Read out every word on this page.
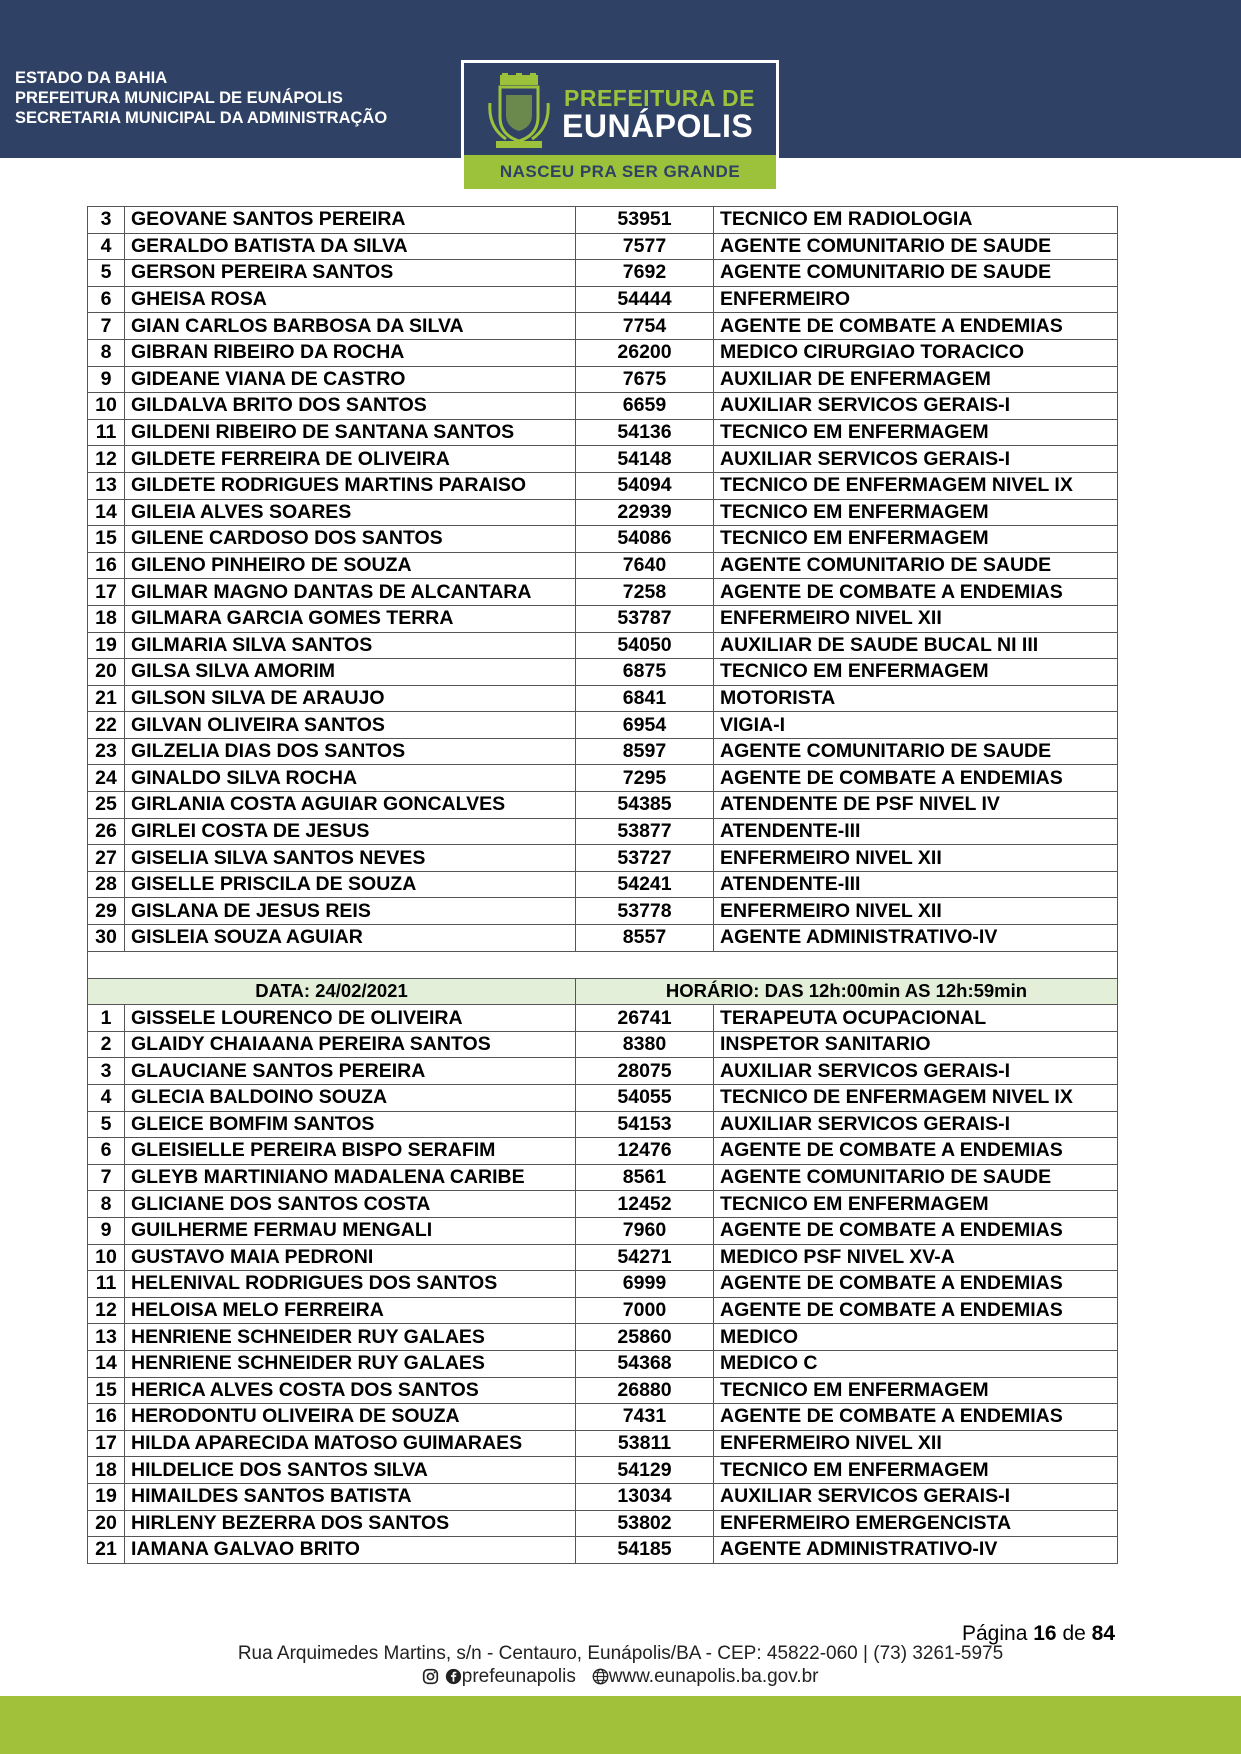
ESTADO DA BAHIA
PREFEITURA MUNICIPAL DE EUNÁPOLIS
SECRETARIA MUNICIPAL DA ADMINISTRAÇÃO
PREFEITURA DE
EUNÁPOLIS
NASCEU PRA SER GRANDE
3	GEOVANE SANTOS PEREIRA	53951	TECNICO EM RADIOLOGIA
4	GERALDO BATISTA DA SILVA	7577	AGENTE COMUNITARIO DE SAUDE
5	GERSON PEREIRA SANTOS	7692	AGENTE COMUNITARIO DE SAUDE
6	GHEISA ROSA	54444	ENFERMEIRO
7	GIAN CARLOS BARBOSA DA SILVA	7754	AGENTE DE COMBATE A ENDEMIAS
8	GIBRAN RIBEIRO DA ROCHA	26200	MEDICO CIRURGIAO TORACICO
9	GIDEANE VIANA DE CASTRO	7675	AUXILIAR DE ENFERMAGEM
10	GILDALVA BRITO DOS SANTOS	6659	AUXILIAR SERVICOS GERAIS-I
11	GILDENI RIBEIRO DE SANTANA SANTOS	54136	TECNICO EM ENFERMAGEM
12	GILDETE FERREIRA DE OLIVEIRA	54148	AUXILIAR SERVICOS GERAIS-I
13	GILDETE RODRIGUES MARTINS PARAISO	54094	TECNICO DE ENFERMAGEM NIVEL IX
14	GILEIA ALVES SOARES	22939	TECNICO EM ENFERMAGEM
15	GILENE CARDOSO DOS SANTOS	54086	TECNICO EM ENFERMAGEM
16	GILENO PINHEIRO DE SOUZA	7640	AGENTE COMUNITARIO DE SAUDE
17	GILMAR MAGNO DANTAS DE ALCANTARA	7258	AGENTE DE COMBATE A ENDEMIAS
18	GILMARA GARCIA GOMES TERRA	53787	ENFERMEIRO NIVEL XII
19	GILMARIA SILVA SANTOS	54050	AUXILIAR DE SAUDE BUCAL NI III
20	GILSA SILVA AMORIM	6875	TECNICO EM ENFERMAGEM
21	GILSON SILVA DE ARAUJO	6841	MOTORISTA
22	GILVAN OLIVEIRA SANTOS	6954	VIGIA-I
23	GILZELIA DIAS DOS SANTOS	8597	AGENTE COMUNITARIO DE SAUDE
24	GINALDO SILVA ROCHA	7295	AGENTE DE COMBATE A ENDEMIAS
25	GIRLANIA COSTA AGUIAR GONCALVES	54385	ATENDENTE DE PSF NIVEL IV
26	GIRLEI COSTA DE JESUS	53877	ATENDENTE-III
27	GISELIA SILVA SANTOS NEVES	53727	ENFERMEIRO NIVEL XII
28	GISELLE PRISCILA DE SOUZA	54241	ATENDENTE-III
29	GISLANA DE JESUS REIS	53778	ENFERMEIRO NIVEL XII
30	GISLEIA SOUZA AGUIAR	8557	AGENTE ADMINISTRATIVO-IV

DATA: 24/02/2021		HORÁRIO: DAS 12h:00min AS 12h:59min	
1	GISSELE LOURENCO DE OLIVEIRA	26741	TERAPEUTA OCUPACIONAL
2	GLAIDY CHAIAANA PEREIRA SANTOS	8380	INSPETOR SANITARIO
3	GLAUCIANE SANTOS PEREIRA	28075	AUXILIAR SERVICOS GERAIS-I
4	GLECIA BALDOINO SOUZA	54055	TECNICO DE ENFERMAGEM NIVEL IX
5	GLEICE BOMFIM SANTOS	54153	AUXILIAR SERVICOS GERAIS-I
6	GLEISIELLE PEREIRA BISPO SERAFIM	12476	AGENTE DE COMBATE A ENDEMIAS
7	GLEYB MARTINIANO MADALENA CARIBE	8561	AGENTE COMUNITARIO DE SAUDE
8	GLICIANE DOS SANTOS COSTA	12452	TECNICO EM ENFERMAGEM
9	GUILHERME FERMAU MENGALI	7960	AGENTE DE COMBATE A ENDEMIAS
10	GUSTAVO MAIA PEDRONI	54271	MEDICO PSF NIVEL XV-A
11	HELENIVAL RODRIGUES DOS SANTOS	6999	AGENTE DE COMBATE A ENDEMIAS
12	HELOISA MELO FERREIRA	7000	AGENTE DE COMBATE A ENDEMIAS
13	HENRIENE SCHNEIDER RUY GALAES	25860	MEDICO
14	HENRIENE SCHNEIDER RUY GALAES	54368	MEDICO C
15	HERICA ALVES COSTA DOS SANTOS	26880	TECNICO EM ENFERMAGEM
16	HERODONTU OLIVEIRA DE SOUZA	7431	AGENTE DE COMBATE A ENDEMIAS
17	HILDA APARECIDA MATOSO GUIMARAES	53811	ENFERMEIRO NIVEL XII
18	HILDELICE DOS SANTOS SILVA	54129	TECNICO EM ENFERMAGEM
19	HIMAILDES SANTOS BATISTA	13034	AUXILIAR SERVICOS GERAIS-I
20	HIRLENY BEZERRA DOS SANTOS	53802	ENFERMEIRO EMERGENCISTA
21	IAMANA GALVAO BRITO	54185	AGENTE ADMINISTRATIVO-IV
Página 16 de 84
Rua Arquimedes Martins, s/n - Centauro, Eunápolis/BA - CEP: 45822-060 | (73) 3261-5975
prefeunapolis www.eunapolis.ba.gov.br
